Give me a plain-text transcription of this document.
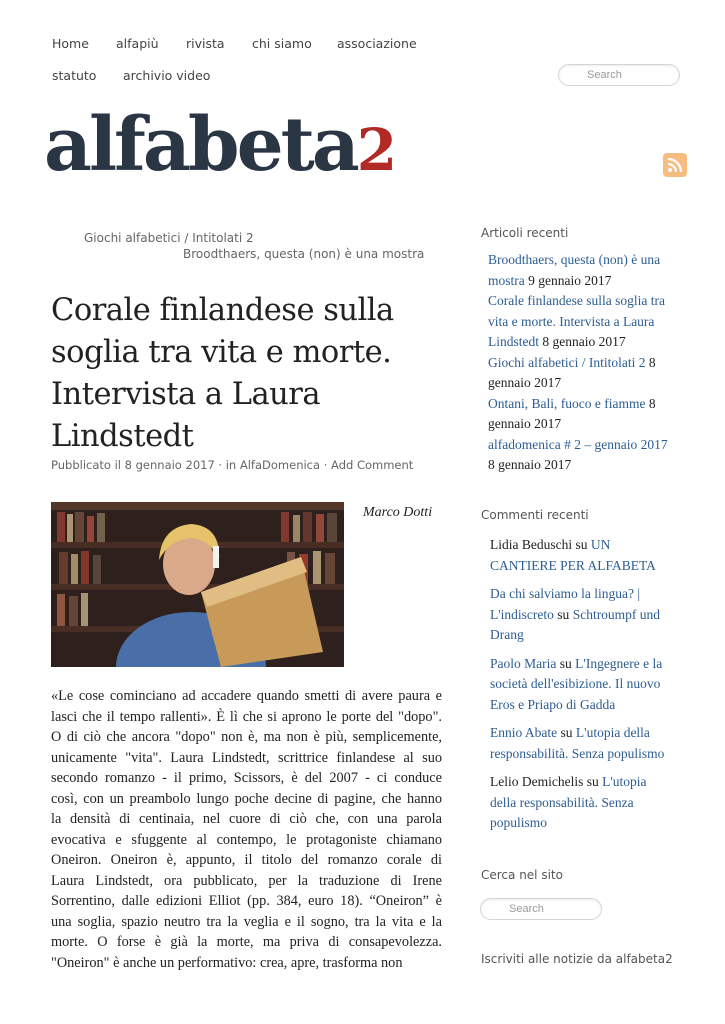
Home alfapiù rivista chi siamo associazione
statuto archivio video	Search
alfabeta2
Giochi alfabetici / Intitolati 2
Broodthaers, questa (non) è una mostra
Corale finlandese sulla
soglia tra vita e morte.
Intervista a Laura
Lindstedt
Pubblicato il 8 gennaio 2017 · in AlfaDomenica · Add Comment
Marco Dotti
«Le cose cominciano ad accadere quando smetti di avere paura e
lasci che il tempo rallenti». È lì che si aprono le porte del "dopo".
O di ciò che ancora "dopo" non è, ma non è più, semplicemente,
unicamente "vita". Laura Lindstedt, scrittrice finlandese al suo
secondo romanzo - il primo, Scissors, è del 2007 - ci conduce
così, con un preambolo lungo poche decine di pagine, che hanno
la densità di centinaia, nel cuore di ciò che, con una parola
evocativa e sfuggente al contempo, le protagoniste chiamano
Oneiron. Oneiron è, appunto, il titolo del romanzo corale di
Laura Lindstedt, ora pubblicato, per la traduzione di Irene
Sorrentino, dalle edizioni Elliot (pp. 384, euro 18). “Oneiron” è
una soglia, spazio neutro tra la veglia e il sogno, tra la vita e la
morte. O forse è già la morte, ma priva di consapevolezza.
"Oneiron" è anche un performativo: crea, apre, trasforma non
Articoli recenti
Broodthaers, questa (non) è una
mostra 9 gennaio 2017
Corale finlandese sulla soglia tra
vita e morte. Intervista a Laura
Lindstedt 8 gennaio 2017
Giochi alfabetici / Intitolati 2 8
gennaio 2017
Ontani, Bali, fuoco e fiamme 8
gennaio 2017
alfadomenica # 2 – gennaio 2017
8 gennaio 2017
Commenti recenti
Lidia Beduschi su UN
CANTIERE PER ALFABETA
Da chi salviamo la lingua? |
L'indiscreto su Schtroumpf und
Drang
Paolo Maria su L'Ingegnere e la
società dell'esibizione. Il nuovo
Eros e Priapo di Gadda
Ennio Abate su L'utopia della
responsabilità. Senza populismo
Lelio Demichelis su L'utopia
della responsabilità. Senza
populismo
Cerca nel sito
Search
Iscriviti alle notizie da alfabeta2
